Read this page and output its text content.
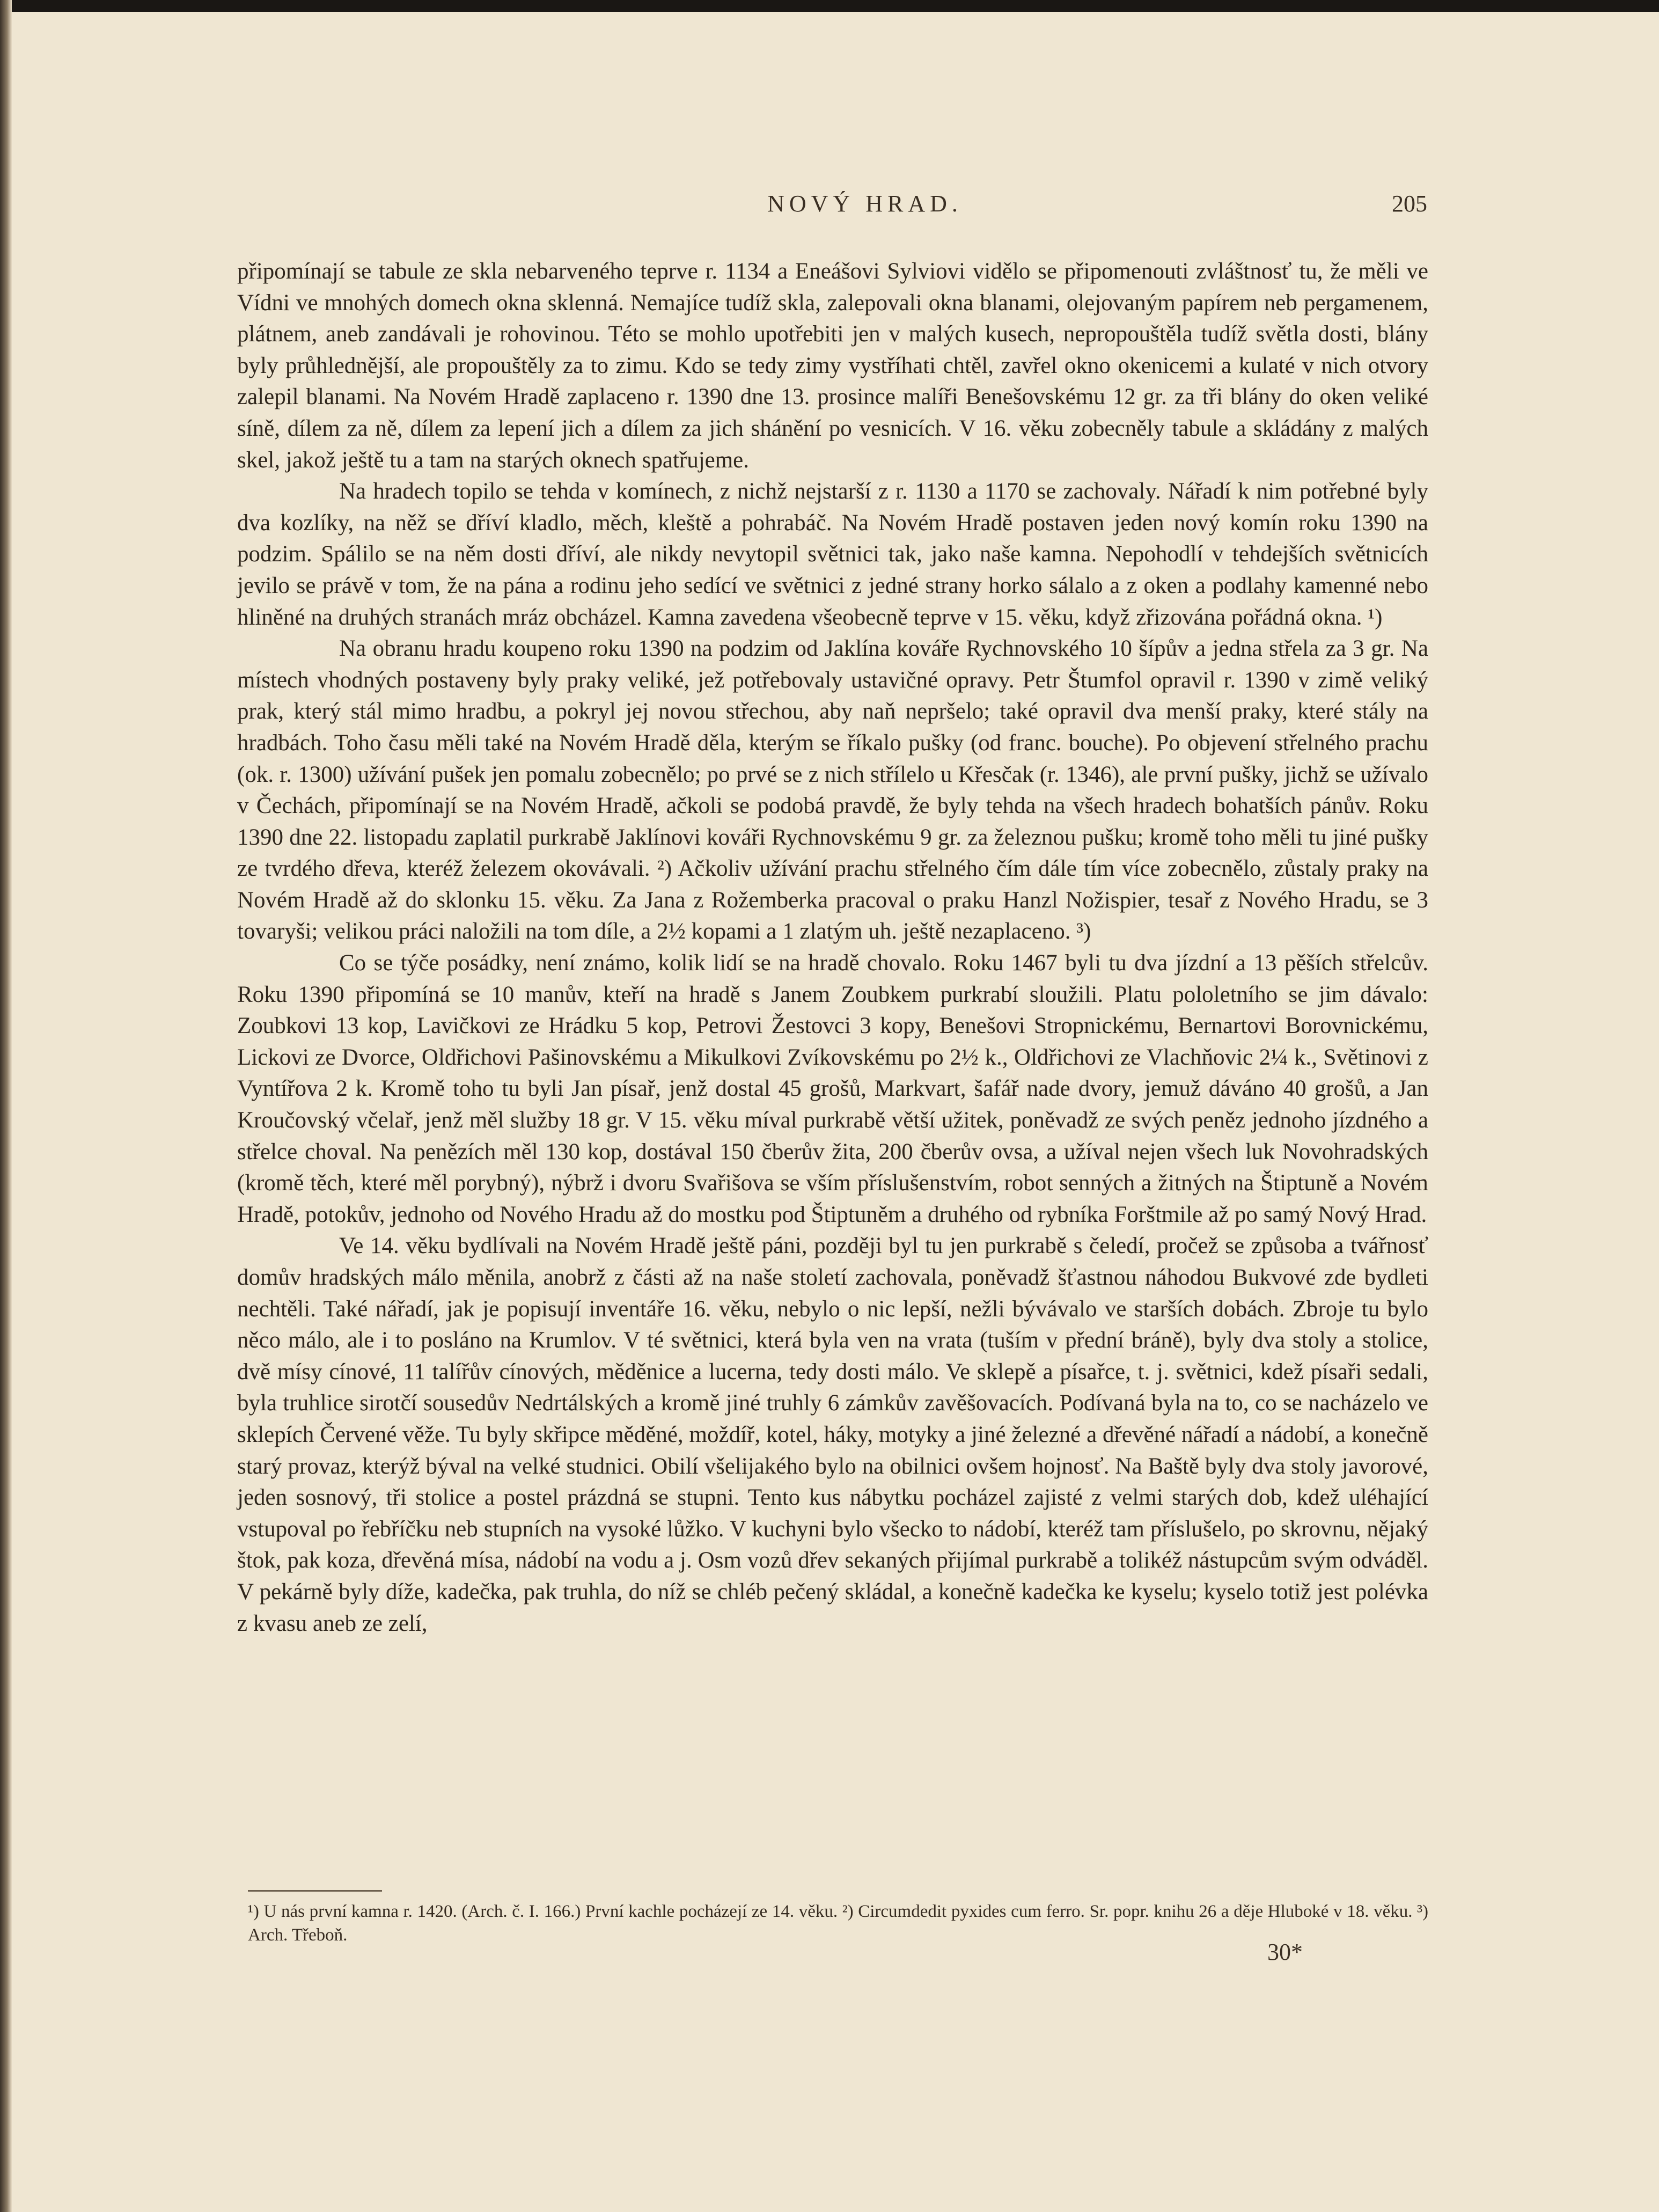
NOVÝ HRAD.	205

připomínají se tabule ze skla nebarveného teprve r. 1134 a Eneášovi Sylviovi vidělo se připomenouti zvláštnosť tu, že měli ve Vídni ve mnohých domech okna sklenná. Nemajíce tudíž skla, zalepovali okna blanami, olejovaným papírem neb pergamenem, plátnem, aneb zandávali je rohovinou. Této se mohlo upotřebiti jen v malých kusech, nepropouštěla tudíž světla dosti, blány byly průhlednější, ale propouštěly za to zimu. Kdo se tedy zimy vystříhati chtěl, zavřel okno okenicemi a kulaté v nich otvory zalepil blanami. Na Novém Hradě zaplaceno r. 1390 dne 13. prosince malíři Benešovskému 12 gr. za tři blány do oken veliké síně, dílem za ně, dílem za lepení jich a dílem za jich shánění po vesnicích. V 16. věku zobecněly tabule a skládány z malých skel, jakož ještě tu a tam na starých oknech spatřujeme.

Na hradech topilo se tehda v komínech, z nichž nejstarší z r. 1130 a 1170 se zachovaly. Nářadí k nim potřebné byly dva kozlíky, na něž se dříví kladlo, měch, kleště a pohrabáč. Na Novém Hradě postaven jeden nový komín roku 1390 na podzim. Spálilo se na něm dosti dříví, ale nikdy nevytopil světnici tak, jako naše kamna. Nepohodlí v tehdejších světnicích jevilo se právě v tom, že na pána a rodinu jeho sedící ve světnici z jedné strany horko sálalo a z oken a podlahy kamenné nebo hliněné na druhých stranách mráz obcházel. Kamna zavedena všeobecně teprve v 15. věku, když zřizována pořádná okna. ¹)

Na obranu hradu koupeno roku 1390 na podzim od Jaklína kováře Rychnovského 10 šípův a jedna střela za 3 gr. Na místech vhodných postaveny byly praky veliké, jež potřebovaly ustavičné opravy. Petr Štumfol opravil r. 1390 v zimě veliký prak, který stál mimo hradbu, a pokryl jej novou střechou, aby naň nepršelo; také opravil dva menší praky, které stály na hradbách. Toho času měli také na Novém Hradě děla, kterým se říkalo pušky (od franc. bouche). Po objevení střelného prachu (ok. r. 1300) užívání pušek jen pomalu zobecnělo; po prvé se z nich střílelo u Křesčak (r. 1346), ale první pušky, jichž se užívalo v Čechách, připomínají se na Novém Hradě, ačkoli se podobá pravdě, že byly tehda na všech hradech bohatších pánův. Roku 1390 dne 22. listopadu zaplatil purkrabě Jaklínovi kováři Rychnovskému 9 gr. za železnou pušku; kromě toho měli tu jiné pušky ze tvrdého dřeva, kteréž železem okovávali. ²) Ačkoliv užívání prachu střelného čím dále tím více zobecnělo, zůstaly praky na Novém Hradě až do sklonku 15. věku. Za Jana z Rožemberka pracoval o praku Hanzl Nožispier, tesař z Nového Hradu, se 3 tovaryši; velikou práci naložili na tom díle, a 2½ kopami a 1 zlatým uh. ještě nezaplaceno. ³)

Co se týče posádky, není známo, kolik lidí se na hradě chovalo. Roku 1467 byli tu dva jízdní a 13 pěších střelcův. Roku 1390 připomíná se 10 manův, kteří na hradě s Janem Zoubkem purkrabí sloužili. Platu pololetního se jim dávalo: Zoubkovi 13 kop, Lavičkovi ze Hrádku 5 kop, Petrovi Žestovci 3 kopy, Benešovi Stropnickému, Bernartovi Borovnickému, Lickovi ze Dvorce, Oldřichovi Pašinovskému a Mikulkovi Zvíkovskému po 2½ k., Oldřichovi ze Vlachňovic 2¼ k., Světinovi z Vyntířova 2 k. Kromě toho tu byli Jan písař, jenž dostal 45 grošů, Markvart, šafář nade dvory, jemuž dáváno 40 grošů, a Jan Kroučovský včelař, jenž měl služby 18 gr. V 15. věku míval purkrabě větší užitek, poněvadž ze svých peněz jednoho jízdného a střelce choval. Na penězích měl 130 kop, dostával 150 čberův žita, 200 čberův ovsa, a užíval nejen všech luk Novohradských (kromě těch, které měl porybný), nýbrž i dvoru Svařišova se vším příslušenstvím, robot senných a žitných na Štiptuně a Novém Hradě, potokův, jednoho od Nového Hradu až do mostku pod Štiptuněm a druhého od rybníka Forštmile až po samý Nový Hrad.

Ve 14. věku bydlívali na Novém Hradě ještě páni, později byl tu jen purkrabě s čeledí, pročež se způsoba a tvářnosť domův hradských málo měnila, anobrž z části až na naše století zachovala, poněvadž šťastnou náhodou Bukvové zde bydleti nechtěli. Také nářadí, jak je popisují inventáře 16. věku, nebylo o nic lepší, nežli bývávalo ve starších dobách. Zbroje tu bylo něco málo, ale i to posláno na Krumlov. V té světnici, která byla ven na vrata (tuším v přední bráně), byly dva stoly a stolice, dvě mísy cínové, 11 talířův cínových, měděnice a lucerna, tedy dosti málo. Ve sklepě a písařce, t. j. světnici, kdež písaři sedali, byla truhlice sirotčí sousedův Nedrtálských a kromě jiné truhly 6 zámkův zavěšovacích. Podívaná byla na to, co se nacházelo ve sklepích Červené věže. Tu byly skřipce měděné, moždíř, kotel, háky, motyky a jiné železné a dřevěné nářadí a nádobí, a konečně starý provaz, kterýž býval na velké studnici. Obilí všelijakého bylo na obilnici ovšem hojnosť. Na Baště byly dva stoly javorové, jeden sosnový, tři stolice a postel prázdná se stupni. Tento kus nábytku pocházel zajisté z velmi starých dob, kdež uléhající vstupoval po řebříčku neb stupních na vysoké lůžko. V kuchyni bylo všecko to nádobí, kteréž tam příslušelo, po skrovnu, nějaký štok, pak koza, dřevěná mísa, nádobí na vodu a j. Osm vozů dřev sekaných přijímal purkrabě a tolikéž nástupcům svým odváděl. V pekárně byly díže, kadečka, pak truhla, do níž se chléb pečený skládal, a konečně kadečka ke kyselu; kyselo totiž jest polévka z kvasu aneb ze zelí,

¹) U nás první kamna r. 1420. (Arch. č. I. 166.) První kachle pocházejí ze 14. věku. ²) Circumdedit pyxides cum ferro. Sr. popr. knihu 26 a děje Hluboké v 18. věku. ³) Arch. Třeboň.
30*
